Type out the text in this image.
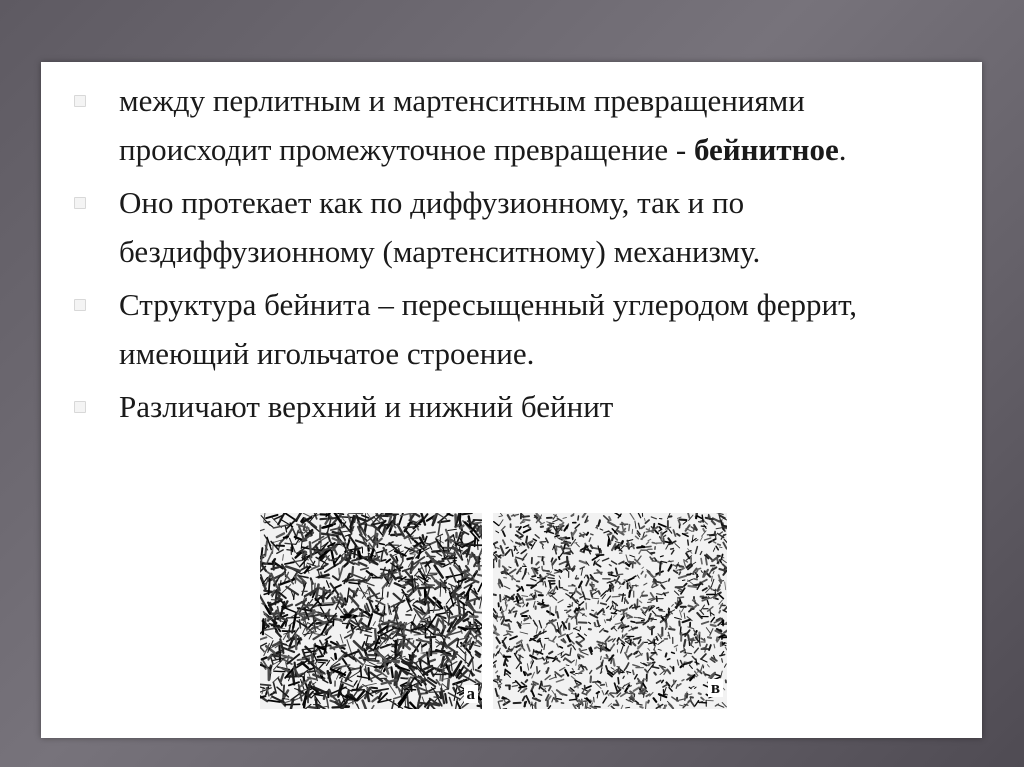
между перлитным и мартенситным превращениями происходит промежуточное превращение - бейнитное.
Оно протекает как по диффузионному, так и по бездиффузионному (мартенситному) механизму.
Структура бейнита – пересыщенный углеродом феррит, имеющий игольчатое строение.
Различают верхний и нижний бейнит
а	в
